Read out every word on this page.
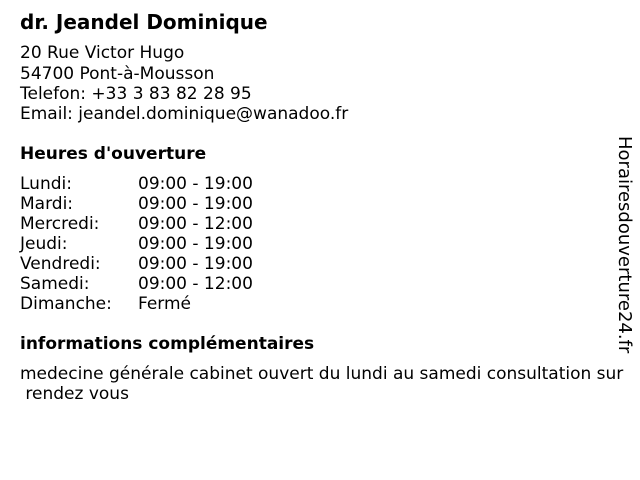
dr. Jeandel Dominique
20 Rue Victor Hugo
54700 Pont-à-Mousson
Telefon: +33 3 83 82 28 95
Email: jeandel.dominique@wanadoo.fr
Heures d'ouverture
Lundi:	09:00 - 19:00
Mardi:	09:00 - 19:00
Mercredi: 09:00 - 12:00
Jeudi:	09:00 - 19:00
Vendredi: 09:00 - 19:00
Samedi:	09:00 - 12:00
Dimanche: Fermé
informations complémentaires
medecine générale cabinet ouvert du lundi au samedi consultation sur
rendez vous
Horairesdouverture24.fr
